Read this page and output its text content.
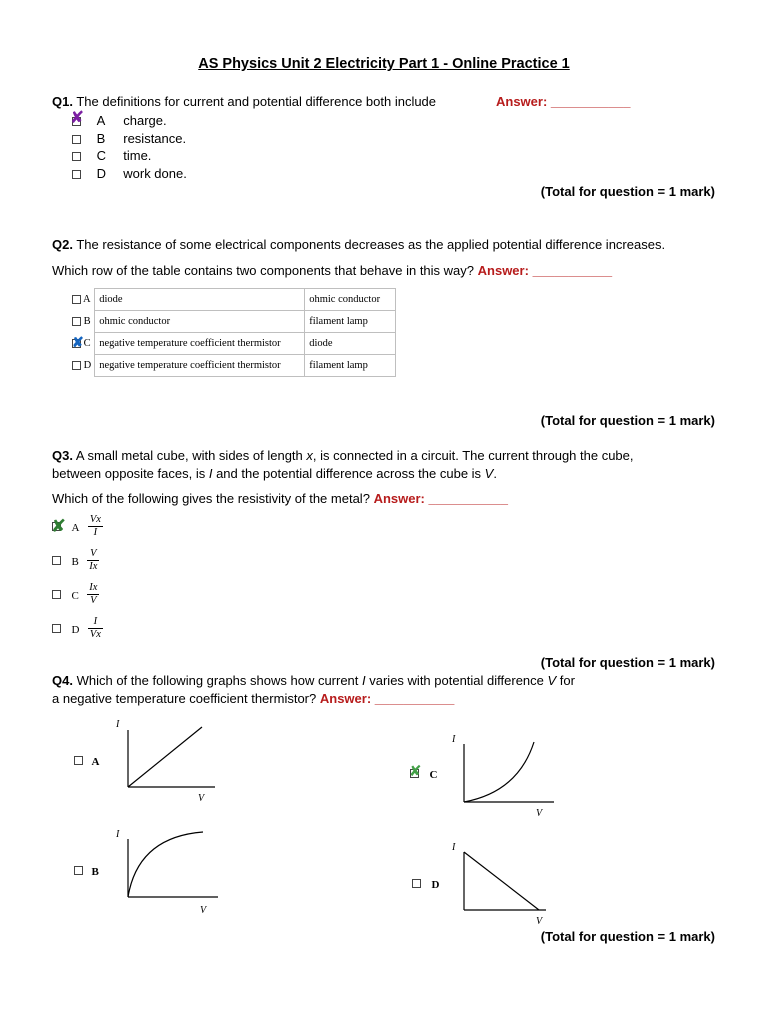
AS Physics Unit 2 Electricity Part 1 - Online Practice 1
Q1. The definitions for current and potential difference both include	Answer: ___________

✘ A charge.
B resistance.
C time.
D work done.
(Total for question = 1 mark)
Q2. The resistance of some electrical components decreases as the applied potential difference increases.
Which row of the table contains two components that behave in this way? Answer: ___________
A	diode	ohmic conductor
B	ohmic conductor	filament lamp

✘ C	negative temperature coefficient thermistor	diode
D	negative temperature coefficient thermistor	filament lamp
(Total for question = 1 mark)
Q3. A small metal cube, with sides of length x, is connected in a circuit. The current through the cube,
between opposite faces, is I and the potential difference across the cube is V.
Which of the following gives the resistivity of the metal? Answer: ___________

✘ A $\frac{Vx}{I}$
B $\frac{V}{Ix}$
C $\frac{Ix}{V}$
D $\frac{I}{Vx}$
(Total for question = 1 mark)
Q4. Which of the following graphs shows how current I varies with potential difference V for
a negative temperature coefficient thermistor? Answer: ___________
A
I
V
B
I
V

✘ C
I
V
D
I
V
(Total for question = 1 mark)
